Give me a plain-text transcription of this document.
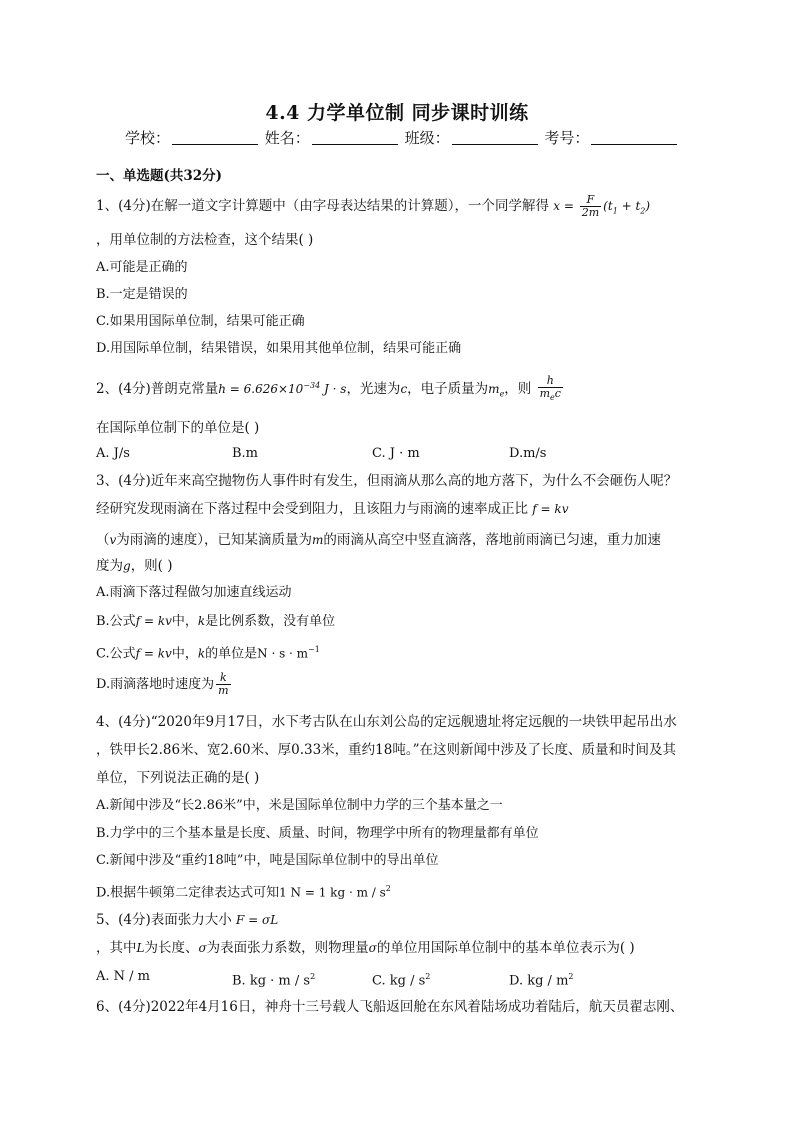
4.4 力学单位制 同步课时训练
学校：	姓名：	班级：	考号：
一、单选题(共32分)
1、(4分)在解一道文字计算题中（由字母表达结果的计算题），一个同学解得 $x = \frac{F}{2m} (t_1 + t_2)$
，用单位制的方法检查，这个结果( )
A.可能是正确的
B.一定是错误的
C.如果用国际单位制，结果可能正确
D.用国际单位制，结果错误，如果用其他单位制，结果可能正确
2、(4分)普朗克常量$h = 6.626\times 10^{-34}$ J · s，光速为c，电子质量为$m_e$，则 $\frac{h}{m_ec}$
在国际单位制下的单位是( )
A. J/s	B.m	C. J · m	D.m/s
3、(4分)近年来高空抛物伤人事件时有发生，但雨滴从那么高的地方落下，为什么不会砸伤人呢？
经研究发现雨滴在下落过程中会受到阻力，且该阻力与雨滴的速率成正比 f = kv
（v为雨滴的速度），已知某滴质量为m的雨滴从高空中竖直滴落，落地前雨滴已匀速，重力加速
度为g，则( )
A.雨滴下落过程做匀加速直线运动
B.公式f = kv中，k是比例系数，没有单位
C.公式f = kv中，k的单位是$N \cdot s \cdot m^{-1}$
D.雨滴落地时速度为 $\frac{k}{m}$
4、(4分)“2020年9月17日，水下考古队在山东刘公岛的定远舰遗址将定远舰的一块铁甲起吊出水
，铁甲长2.86米、宽2.60米、厚0.33米，重约18吨。”在这则新闻中涉及了长度、质量和时间及其
单位，下列说法正确的是( )
A.新闻中涉及“长2.86米”中，米是国际单位制中力学的三个基本量之一
B.力学中的三个基本量是长度、质量、时间，物理学中所有的物理量都有单位
C.新闻中涉及“重约18吨”中，吨是国际单位制中的导出单位
D.根据牛顿第二定律表达式可知1 N = 1 kg · m / $s^2$
5、(4分)表面张力大小 F = σL
，其中L为长度、σ为表面张力系数，则物理量σ的单位用国际单位制中的基本单位表示为( )
A. N / m	B. kg · m / $s^2$	C. kg / $s^2$	D. kg / $m^2$
6、(4分)2022年4月16日，神舟十三号载人飞船返回舱在东风着陆场成功着陆后，航天员翟志刚、
